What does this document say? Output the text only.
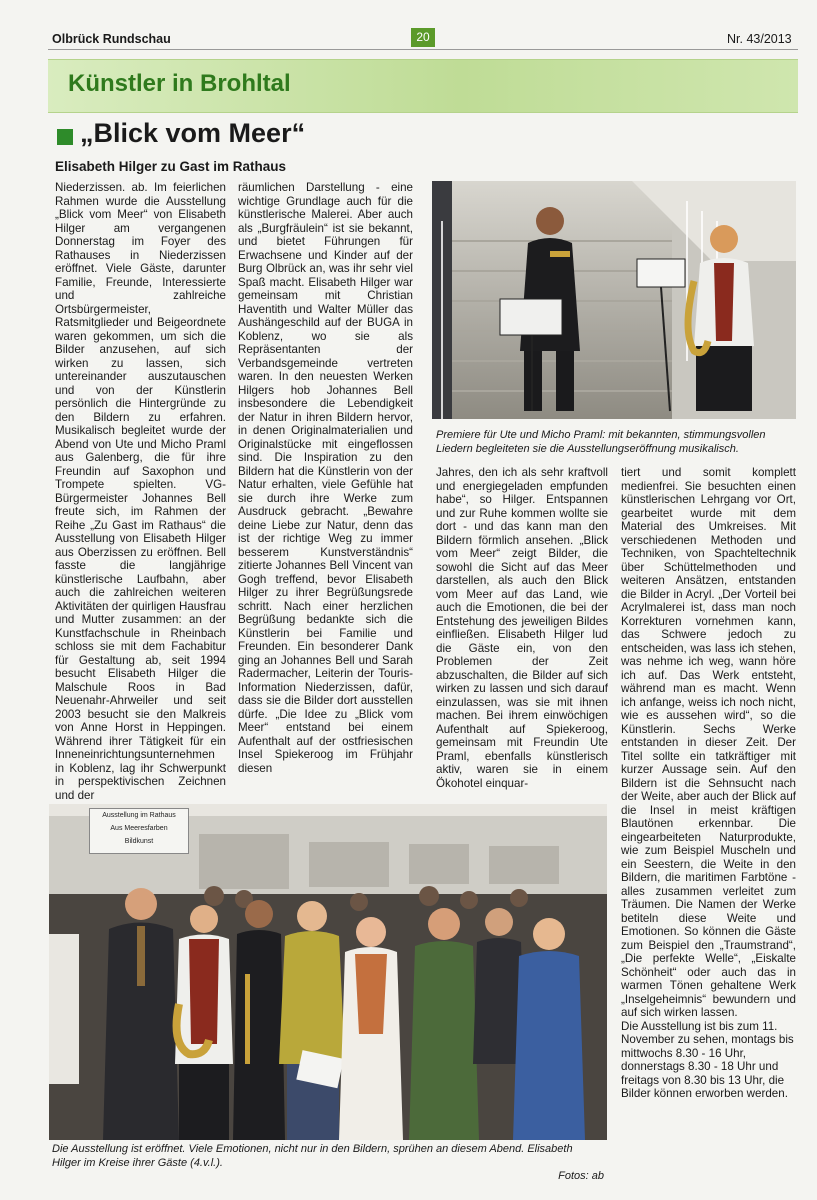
Olbrück Rundschau	20	Nr. 43/2013
Künstler in Brohltal
„Blick vom Meer“
Elisabeth Hilger zu Gast im Rathaus

Niederzissen. ab. Im feierlichen Rahmen wurde die Ausstellung „Blick vom Meer“ von Elisabeth Hilger am vergangenen Donnerstag im Foyer des Rathauses in Niederzissen eröffnet. Viele Gäste, darunter Familie, Freunde, Interessierte und zahlreiche Ortsbürgermeister, Ratsmitglieder und Beigeordnete waren gekommen, um sich die Bilder anzusehen, auf sich wirken zu lassen, sich untereinander auszutauschen und von der Künstlerin persönlich die Hintergründe zu den Bildern zu erfahren. Musikalisch begleitet wurde der Abend von Ute und Micho Praml aus Galenberg, die für ihre Freundin auf Saxophon und Trompete spielten. VG-Bürgermeister Johannes Bell freute sich, im Rahmen der Reihe „Zu Gast im Rathaus“ die Ausstellung von Elisabeth Hilger aus Oberzissen zu eröffnen. Bell fasste die langjährige künstlerische Laufbahn, aber auch die zahlreichen weiteren Aktivitäten der quirligen Hausfrau und Mutter zusammen: an der Kunstfachschule in Rheinbach schloss sie mit dem Fachabitur für Gestaltung ab, seit 1994 besucht Elisabeth Hilger die Malschule Roos in Bad Neuenahr-Ahrweiler und seit 2003 besucht sie den Malkreis von Anne Horst in Heppingen. Während ihrer Tätigkeit für ein Inneneinrichtungsunternehmen in Koblenz, lag ihr Schwerpunkt in perspektivischen Zeichnen und der

räumlichen Darstellung - eine wichtige Grundlage auch für die künstlerische Malerei. Aber auch als „Burgfräulein“ ist sie bekannt, und bietet Führungen für Erwachsene und Kinder auf der Burg Olbrück an, was ihr sehr viel Spaß macht. Elisabeth Hilger war gemeinsam mit Christian Haventith und Walter Müller das Aushängeschild auf der BUGA in Koblenz, wo sie als Repräsentanten der Verbandsgemeinde vertreten waren. In den neuesten Werken Hilgers hob Johannes Bell insbesondere die Lebendigkeit der Natur in ihren Bildern hervor, in denen Originalmaterialien und Originalstücke mit eingeflossen sind. Die Inspiration zu den Bildern hat die Künstlerin von der Natur erhalten, viele Gefühle hat sie durch ihre Werke zum Ausdruck gebracht. „Bewahre deine Liebe zur Natur, denn das ist der richtige Weg zu immer besserem Kunstverständnis“ zitierte Johannes Bell Vincent van Gogh treffend, bevor Elisabeth Hilger zu ihrer Begrüßungsrede schritt. Nach einer herzlichen Begrüßung bedankte sich die Künstlerin bei Familie und Freunden. Ein besonderer Dank ging an Johannes Bell und Sarah Radermacher, Leiterin der Touris-Information Niederzissen, dafür, dass sie die Bilder dort ausstellen dürfe. „Die Idee zu „Blick vom Meer“ entstand bei einem Aufenthalt auf der ostfriesischen Insel Spiekeroog im Frühjahr diesen

Premiere für Ute und Micho Praml: mit bekannten, stimmungsvollen Liedern begleiteten sie die Ausstellungseröffnung musikalisch.

Jahres, den ich als sehr kraftvoll und energiegeladen empfunden habe“, so Hilger. Entspannen und zur Ruhe kommen wollte sie dort - und das kann man den Bildern förmlich ansehen. „Blick vom Meer“ zeigt Bilder, die sowohl die Sicht auf das Meer darstellen, als auch den Blick vom Meer auf das Land, wie auch die Emotionen, die bei der Entstehung des jeweiligen Bildes einfließen. Elisabeth Hilger lud die Gäste ein, von den Problemen der Zeit abzuschalten, die Bilder auf sich wirken zu lassen und sich darauf einzulassen, was sie mit ihnen machen. Bei ihrem einwöchigen Aufenthalt auf Spiekeroog, gemeinsam mit Freundin Ute Praml, ebenfalls künstlerisch aktiv, waren sie in einem Ökohotel einquar-

tiert und somit komplett medienfrei. Sie besuchten einen künstlerischen Lehrgang vor Ort, gearbeitet wurde mit dem Material des Umkreises. Mit verschiedenen Methoden und Techniken, von Spachteltechnik über Schüttelmethoden und weiteren Ansätzen, entstanden die Bilder in Acryl. „Der Vorteil bei Acrylmalerei ist, dass man noch Korrekturen vornehmen kann, das Schwere jedoch zu entscheiden, was lass ich stehen, was nehme ich weg, wann höre ich auf. Das Werk entsteht, während man es macht. Wenn ich anfange, weiss ich noch nicht, wie es aussehen wird“, so die Künstlerin. Sechs Werke entstanden in dieser Zeit. Der Titel sollte ein tatkräftiger mit kurzer Aussage sein. Auf den Bildern ist die Sehnsucht nach der Weite, aber auch der Blick auf die Insel in meist kräftigen Blautönen erkennbar. Die eingearbeiteten Naturprodukte, wie zum Beispiel Muscheln und ein Seestern, die Weite in den Bildern, die maritimen Farbtöne - alles zusammen verleitet zum Träumen. Die Namen der Werke betiteln diese Weite und Emotionen. So können die Gäste zum Beispiel den „Traumstrand“, „Die perfekte Welle“, „Eiskalte Schönheit“ oder auch das in warmen Tönen gehaltene Werk „Inselgeheimnis“ bewundern und auf sich wirken lassen.

Die Ausstellung ist bis zum 11. November zu sehen, montags bis mittwochs 8.30 - 16 Uhr, donnerstags 8.30 - 18 Uhr und freitags von 8.30 bis 13 Uhr, die Bilder können erworben werden.

Ausstellung im Rathaus
Aus Meeresfarben
Bildkunst
Die Ausstellung ist eröffnet. Viele Emotionen, nicht nur in den Bildern, sprühen an diesem Abend. Elisabeth Hilger im Kreise ihrer Gäste (4.v.l.).
Fotos: ab
